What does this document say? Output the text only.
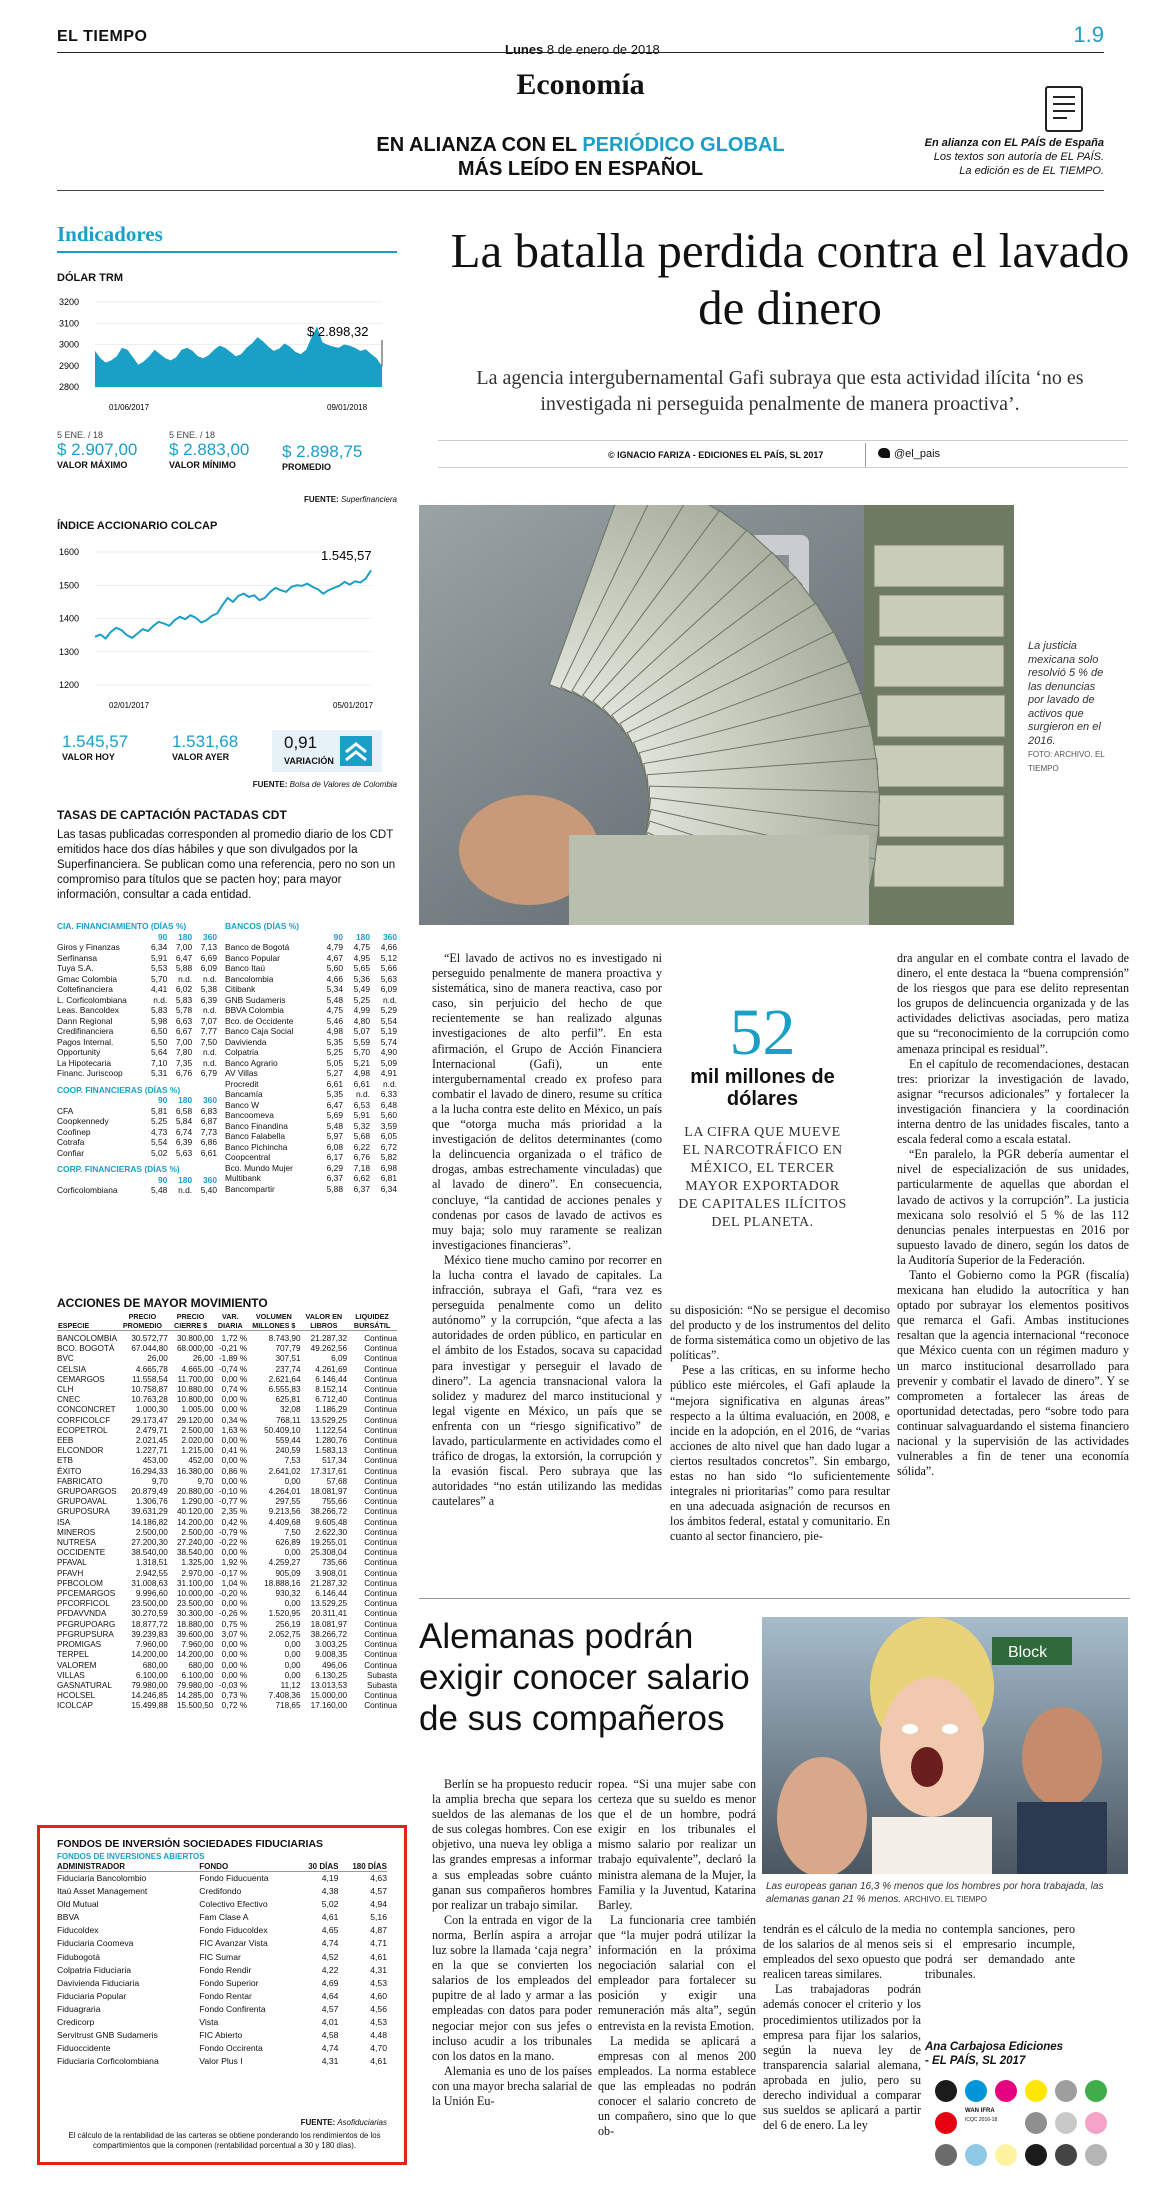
EL TIEMPO
Lunes 8 de enero de 2018
1.9
Economía
EN ALIANZA CON EL PERIÓDICO GLOBAL
MÁS LEÍDO EN ESPAÑOL
En alianza con EL PAÍS de España
Los textos son autoría de EL PAÍS.
La edición es de EL TIEMPO.
Indicadores
DÓLAR TRM
3200
3100
3000
2900
2800
$ 2.898,32
01/06/2017	09/01/2018
5 ENE. / 18
$ 2.907,00
VALOR MÁXIMO
5 ENE. / 18
$ 2.883,00
VALOR MÍNIMO
$ 2.898,75
PROMEDIO
FUENTE: Superfinanciera
ÍNDICE ACCIONARIO COLCAP
1600
1500
1400
1300
1200
1.545,57
02/01/2017	05/01/2017
1.545,57
VALOR HOY
1.531,68
VALOR AYER
0,91
VARIACIÓN
FUENTE: Bolsa de Valores de Colombia
TASAS DE CAPTACIÓN PACTADAS CDT
Las tasas publicadas corresponden al promedio diario de los CDT emitidos hace dos días hábiles y que son divulgados por la Superfinanciera. Se publican como una referencia, pero no son un compromiso para títulos que se pacten hoy; para mayor información, consultar a cada entidad.
CIA. FINANCIAMIENTO (DÍAS %)			
	90	180	360
Giros y Finanzas	6,34	7,00	7,13
Serfinansa	5,91	6,47	6,69
Tuya S.A.	5,53	5,88	6,09
Gmac Colombia	5,70	n.d.	n.d.
Coltefinanciera	4,41	6,02	5,38
L. Corficolombiana	n.d.	5,83	6,39
Leas. Bancoldex	5,83	5,78	n.d.
Dann Regional	5,98	6,63	7,07
Credifinanciera	6,50	6,67	7,77
Pagos Internal.	5,50	7,00	7,50
Opportunity	5,64	7,80	n.d.
La Hipotecaria	7,10	7,35	n.d.
Financ. Juriscoop	5,31	6,76	6,79
COOP. FINANCIERAS (DÍAS %)			
	90	180	360
CFA	5,81	6,58	6,83
Coopkennedy	5,25	5,84	6,87
Coofinep	4,73	6,74	7,73
Cotrafa	5,54	6,39	6,86
Confiar	5,02	5,63	6,61
CORP. FINANCIERAS (DÍAS %)			
	90	180	360
Corficolombiana	5,48	n.d.	5,40
BANCOS (DÍAS %)			
	90	180	360
Banco de Bogotá	4,79	4,75	4,66
Banco Popular	4,67	4,95	5,12
Banco Itaú	5,60	5,65	5,66
Bancolombia	4,66	5,36	5,63
Citibank	5,34	5,49	6,09
GNB Sudameris	5,48	5,25	n.d.
BBVA Colombia	4,75	4,99	5,29
Bco. de Occidente	5,46	4,80	5,54
Banco Caja Social	4,98	5,07	5,19
Davivienda	5,35	5,59	5,74
Colpatria	5,25	5,70	4,90
Banco Agrario	5,05	5,21	5,09
AV Villas	5,27	4,98	4,91
Procredit	6,61	6,61	n.d.
Bancamía	5,35	n.d.	6,33
Banco W	6,47	6,53	6,48
Bancoomeva	5,69	5,91	5,60
Banco Finandina	5,48	5,32	3,59
Banco Falabella	5,97	5,68	6,05
Banco Pichincha	6,08	6,22	6,72
Coopcentral	6,17	6,76	5,82
Bco. Mundo Mujer	6,29	7,18	6,98
Multibank	6,37	6,62	6,81
Bancompartir	5,88	6,37	6,34
ACCIONES DE MAYOR MOVIMIENTO
ESPECIE	PRECIO PROMEDIO	PRECIO CIERRE $	VAR. DIARIA	VOLUMEN MILLONES $	VALOR EN LIBROS	LIQUIDEZ BURSÁTIL
BANCOLOMBIA	30.572,77	30.800,00	1,72 %	8.743,90	21.287,32	Continua
BCO. BOGOTÁ	67.044,80	68.000,00	-0,21 %	707,79	49.262,56	Continua
BVC	26,00	26,00	-1,89 %	307,51	6,09	Continua
CELSIA	4.665,78	4.665,00	-0,74 %	237,74	4.261,69	Continua
CEMARGOS	11.558,54	11.700,00	0,00 %	2.621,64	6.146,44	Continua
CLH	10.758,87	10.880,00	0,74 %	6.555,83	8.152,14	Continua
CNEC	10.763,28	10.800,00	0,00 %	625,81	6.712,40	Continua
CONCONCRET	1.000,30	1.005,00	0,00 %	32,08	1.186,29	Continua
CORFICOLCF	29.173,47	29.120,00	0,34 %	768,11	13.529,25	Continua
ECOPETROL	2.479,71	2.500,00	1,63 %	50.409,10	1.122,54	Continua
EEB	2.021,45	2.020,00	0,00 %	559,44	1.280,76	Continua
ELCONDOR	1.227,71	1.215,00	0,41 %	240,59	1.583,13	Continua
ETB	453,00	452,00	0,00 %	7,53	517,34	Continua
ÉXITO	16.294,33	16.380,00	0,86 %	2.641,02	17.317,61	Continua
FABRICATO	9,70	9,70	0,00 %	0,00	57,68	Continua
GRUPOARGOS	20.879,49	20.880,00	-0,10 %	4.264,01	18.081,97	Continua
GRUPOAVAL	1.306,76	1.290,00	-0,77 %	297,55	755,66	Continua
GRUPOSURA	39.631,29	40.120,00	2,35 %	9.213,56	38.266,72	Continua
ISA	14.186,82	14.200,00	0,42 %	4.409,68	9.605,48	Continua
MINEROS	2.500,00	2.500,00	-0,79 %	7,50	2.622,30	Continua
NUTRESA	27.200,30	27.240,00	-0,22 %	626,89	19.255,01	Continua
OCCIDENTE	38.540,00	38.540,00	0,00 %	0,00	25.308,04	Continua
PFAVAL	1.318,51	1.325,00	1,92 %	4.259,27	735,66	Continua
PFAVH	2.942,55	2.970,00	-0,17 %	905,09	3.908,01	Continua
PFBCOLOM	31.008,63	31.100,00	1,04 %	18.888,16	21.287,32	Continua
PFCEMARGOS	9.996,60	10.000,00	-0,20 %	930,32	6.146,44	Continua
PFCORFICOL	23.500,00	23.500,00	0,00 %	0,00	13.529,25	Continua
PFDAVVNDA	30.270,59	30.300,00	-0,26 %	1.520,95	20.311,41	Continua
PFGRUPOARG	18.877,72	18.880,00	0,75 %	256,19	18.081,97	Continua
PFGRUPSURA	39.239,83	39.600,00	3,07 %	2.052,75	38.266,72	Continua
PROMIGAS	7.960,00	7.960,00	0,00 %	0,00	3.003,25	Continua
TERPEL	14.200,00	14.200,00	0,00 %	0,00	9.008,35	Continua
VALOREM	680,00	680,00	0,00 %	0,00	496,06	Continua
VILLAS	6.100,00	6.100,00	0,00 %	0,00	6.130,25	Subasta
GASNATURAL	79.980,00	79.980,00	-0,03 %	11,12	13.013,53	Subasta
HCOLSEL	14.246,85	14.285,00	0,73 %	7.408,36	15.000,00	Continua
ICOLCAP	15.499,88	15.500,50	0,72 %	718,65	17.160,00	Continua
FONDOS DE INVERSIÓN SOCIEDADES FIDUCIARIAS
FONDOS DE INVERSIONES ABIERTOS
ADMINISTRADOR	FONDO	30 DÍAS	180 DÍAS
Fiduciaria Bancolombio	Fondo Fiducuenta	4,19	4,63
Itaú Asset Management	Credifondo	4,38	4,57
Old Mutual	Colectivo Efectivo	5,02	4,94
BBVA	Fam Clase A	4,61	5,16
Fiducoldex	Fondo Fiducoldex	4,65	4,87
Fiduciaria Coomeva	FIC Avanzar Vista	4,74	4,71
Fidubogotá	FIC Sumar	4,52	4,61
Colpatria Fiduciaria	Fondo Rendir	4,22	4,31
Davivienda Fiduciaria	Fondo Superior	4,69	4,53
Fiduciaria Popular	Fondo Rentar	4,64	4,60
Fiduagraria	Fondo Confirenta	4,57	4,56
Credicorp	Vista	4,01	4,53
Servitrust GNB Sudameris	FIC Abierto	4,58	4,48
Fiduoccidente	Fondo Occirenta	4,74	4,70
Fiduciaria Corficolombiana	Valor Plus I	4,31	4,61
FUENTE: Asofiduciarias
El cálculo de la rentabilidad de las carteras se obtiene ponderando los rendimientos de los compartimientos que la componen (rentabilidad porcentual a 30 y 180 días).
La batalla perdida contra el lavado de dinero
La agencia intergubernamental Gafi subraya que esta actividad ilícita ‘no es investigada ni perseguida penalmente de manera proactiva’.
© IGNACIO FARIZA - EDICIONES EL PAÍS, SL 2017	@el_pais
La justicia mexicana solo resolvió 5 % de las denuncias por lavado de activos que surgieron en el 2016.
FOTO: ARCHIVO. EL TIEMPO

“El lavado de activos no es investigado ni perseguido penalmente de manera proactiva y sistemática, sino de manera reactiva, caso por caso, sin perjuicio del hecho de que recientemente se han realizado algunas investigaciones de alto perfil”. En esta afirmación, el Grupo de Acción Financiera Internacional (Gafi), un ente intergubernamental creado ex profeso para combatir el lavado de dinero, resume su crítica a la lucha contra este delito en México, un país que “otorga mucha más prioridad a la investigación de delitos determinantes (como la delincuencia organizada o el tráfico de drogas, ambas estrechamente vinculadas) que al lavado de dinero”. En consecuencia, concluye, “la cantidad de acciones penales y condenas por casos de lavado de activos es muy baja; solo muy raramente se realizan investigaciones financieras”.

México tiene mucho camino por recorrer en la lucha contra el lavado de capitales. La infracción, subraya el Gafi, “rara vez es perseguida penalmente como un delito autónomo” y la corrupción, “que afecta a las autoridades de orden público, en particular en el ámbito de los Estados, socava su capacidad para investigar y perseguir el lavado de dinero”. La agencia transnacional valora la solidez y madurez del marco institucional y legal vigente en México, un país que se enfrenta con un “riesgo significativo” de lavado, particularmente en actividades como el tráfico de drogas, la extorsión, la corrupción y la evasión fiscal. Pero subraya que las autoridades “no están utilizando las medidas cautelares” a

52
mil millones de dólares
LA CIFRA QUE MUEVE EL NARCOTRÁFICO EN MÉXICO, EL TERCER MAYOR EXPORTADOR DE CAPITALES ILÍCITOS DEL PLANETA.

su disposición: “No se persigue el decomiso del producto y de los instrumentos del delito de forma sistemática como un objetivo de las políticas”.

Pese a las críticas, en su informe hecho público este miércoles, el Gafi aplaude la “mejora significativa en algunas áreas” respecto a la última evaluación, en 2008, e incide en la adopción, en el 2016, de “varias acciones de alto nivel que han dado lugar a ciertos resultados concretos”. Sin embargo, estas no han sido “lo suficientemente integrales ni prioritarias” como para resultar en una adecuada asignación de recursos en los ámbitos federal, estatal y comunitario. En cuanto al sector financiero, pie-

dra angular en el combate contra el lavado de dinero, el ente destaca la “buena comprensión” de los riesgos que para ese delito representan los grupos de delincuencia organizada y de las actividades delictivas asociadas, pero matiza que su “reconocimiento de la corrupción como amenaza principal es residual”.

En el capítulo de recomendaciones, destacan tres: priorizar la investigación de lavado, asignar “recursos adicionales” y fortalecer la investigación financiera y la coordinación interna dentro de las unidades fiscales, tanto a escala federal como a escala estatal.

“En paralelo, la PGR debería aumentar el nivel de especialización de sus unidades, particularmente de aquellas que abordan el lavado de activos y la corrupción”. La justicia mexicana solo resolvió el 5 % de las 112 denuncias penales interpuestas en 2016 por supuesto lavado de dinero, según los datos de la Auditoría Superior de la Federación.

Tanto el Gobierno como la PGR (fiscalía) mexicana han eludido la autocrítica y han optado por subrayar los elementos positivos que remarca el Gafi. Ambas instituciones resaltan que la agencia internacional “reconoce que México cuenta con un régimen maduro y un marco institucional desarrollado para prevenir y combatir el lavado de dinero”. Y se comprometen a fortalecer las áreas de oportunidad detectadas, pero “sobre todo para continuar salvaguardando el sistema financiero nacional y la supervisión de las actividades vulnerables a fin de tener una economía sólida”.

Alemanas podrán exigir conocer salario de sus compañeros
Block
Las europeas ganan 16,3 % menos que los hombres por hora trabajada, las alemanas ganan 21 % menos. ARCHIVO. EL TIEMPO

Berlín se ha propuesto reducir la amplia brecha que separa los sueldos de las alemanas de los de sus colegas hombres. Con ese objetivo, una nueva ley obliga a las grandes empresas a informar a sus empleadas sobre cuánto ganan sus compañeros hombres por realizar un trabajo similar.

Con la entrada en vigor de la norma, Berlín aspira a arrojar luz sobre la llamada ‘caja negra’ en la que se convierten los salarios de los empleados del pupitre de al lado y armar a las empleadas con datos para poder negociar mejor con sus jefes o incluso acudir a los tribunales con los datos en la mano.

Alemania es uno de los países con una mayor brecha salarial de la Unión Eu-

ropea. “Si una mujer sabe con certeza que su sueldo es menor que el de un hombre, podrá exigir en los tribunales el mismo salario por realizar un trabajo equivalente”, declaró la ministra alemana de la Mujer, la Familia y la Juventud, Katarina Barley.

La funcionaria cree también que “la mujer podrá utilizar la información en la próxima negociación salarial con el empleador para fortalecer su posición y exigir una remuneración más alta”, según entrevista en la revista Emotion.

La medida se aplicará a empresas con al menos 200 empleados. La norma establece que las empleadas no podrán conocer el salario concreto de un compañero, sino que lo que ob-

tendrán es el cálculo de la media de los salarios de al menos seis empleados del sexo opuesto que realicen tareas similares.

Las trabajadoras podrán además conocer el criterio y los procedimientos utilizados por la empresa para fijar los salarios, según la nueva ley de transparencia salarial alemana, aprobada en julio, pero su derecho individual a comparar sus sueldos se aplicará a partir del 6 de enero. La ley

no contempla sanciones, pero si el empresario incumple, podrá ser demandado ante tribunales.

Ana Carbajosa Ediciones - EL PAÍS, SL 2017
WAN IFRA
ICQC 2016-18
